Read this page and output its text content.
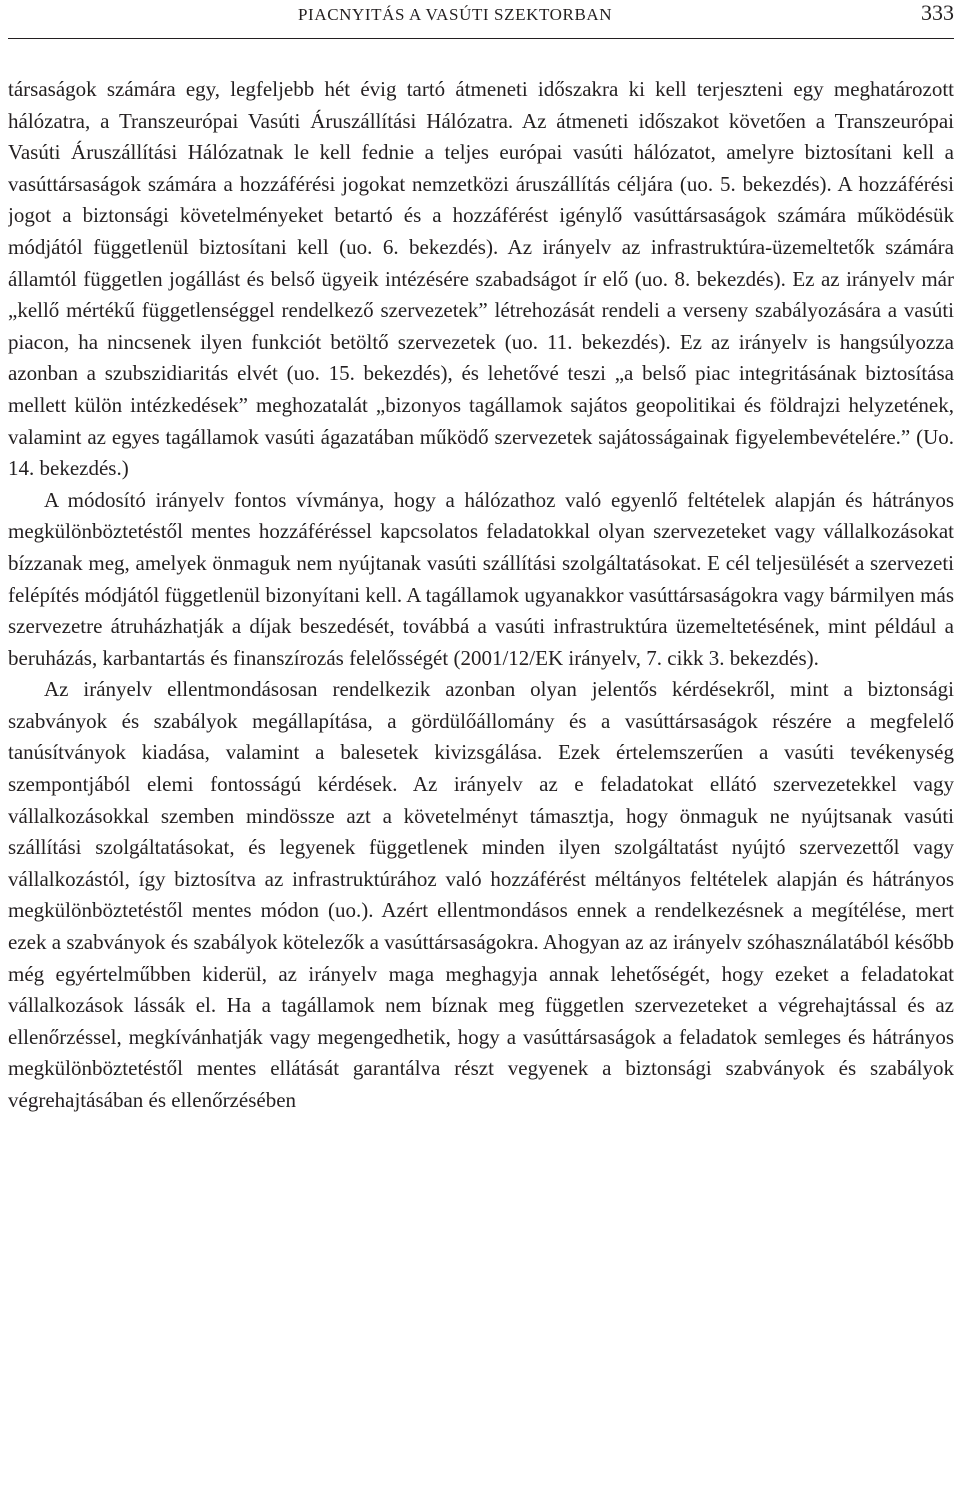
PIACNYITÁS A VASÚTI SZEKTORBAN	333

társaságok számára egy, legfeljebb hét évig tartó átmeneti időszakra ki kell terjeszteni egy meghatározott hálózatra, a Transzeurópai Vasúti Áruszállítási Hálózatra. Az átmeneti időszakot követően a Transzeurópai Vasúti Áruszállítási Hálózatnak le kell fednie a teljes európai vasúti hálózatot, amelyre biztosítani kell a vasúttársaságok számára a hozzáférési jogokat nemzetközi áruszállítás céljára (uo. 5. bekezdés). A hozzáférési jogot a biztonsági követelményeket betartó és a hozzáférést igénylő vasúttársaságok számára működésük módjától függetlenül biztosítani kell (uo. 6. bekezdés). Az irányelv az infrastruktúra-üzemeltetők számára államtól független jogállást és belső ügyeik intézésére szabadságot ír elő (uo. 8. bekezdés). Ez az irányelv már „kellő mértékű függetlenséggel rendelkező szervezetek” létrehozását rendeli a verseny szabályozására a vasúti piacon, ha nincsenek ilyen funkciót betöltő szervezetek (uo. 11. bekezdés). Ez az irányelv is hangsúlyozza azonban a szubszidiaritás elvét (uo. 15. bekezdés), és lehetővé teszi „a belső piac integritásának biztosítása mellett külön intézkedések” meghozatalát „bizonyos tagállamok sajátos geopolitikai és földrajzi helyzetének, valamint az egyes tagállamok vasúti ágazatában működő szervezetek sajátosságainak figyelembevételére.” (Uo. 14. bekezdés.)

A módosító irányelv fontos vívmánya, hogy a hálózathoz való egyenlő feltételek alapján és hátrányos megkülönböztetéstől mentes hozzáféréssel kapcsolatos feladatokkal olyan szervezeteket vagy vállalkozásokat bízzanak meg, amelyek önmaguk nem nyújtanak vasúti szállítási szolgáltatásokat. E cél teljesülését a szervezeti felépítés módjától függetlenül bizonyítani kell. A tagállamok ugyanakkor vasúttársaságokra vagy bármilyen más szervezetre átruházhatják a díjak beszedését, továbbá a vasúti infrastruktúra üzemeltetésének, mint például a beruházás, karbantartás és finanszírozás felelősségét (2001/12/EK irányelv, 7. cikk 3. bekezdés).

Az irányelv ellentmondásosan rendelkezik azonban olyan jelentős kérdésekről, mint a biztonsági szabványok és szabályok megállapítása, a gördülőállomány és a vasúttársaságok részére a megfelelő tanúsítványok kiadása, valamint a balesetek kivizsgálása. Ezek értelemszerűen a vasúti tevékenység szempontjából elemi fontosságú kérdések. Az irányelv az e feladatokat ellátó szervezetekkel vagy vállalkozásokkal szemben mindössze azt a követelményt támasztja, hogy önmaguk ne nyújtsanak vasúti szállítási szolgáltatásokat, és legyenek függetlenek minden ilyen szolgáltatást nyújtó szervezettől vagy vállalkozástól, így biztosítva az infrastruktúrához való hozzáférést méltányos feltételek alapján és hátrányos megkülönböztetéstől mentes módon (uo.). Azért ellentmondásos ennek a rendelkezésnek a megítélése, mert ezek a szabványok és szabályok kötelezők a vasúttársaságokra. Ahogyan az az irányelv szóhasználatából később még egyértelműbben kiderül, az irányelv maga meghagyja annak lehetőségét, hogy ezeket a feladatokat vállalkozások lássák el. Ha a tagállamok nem bíznak meg független szervezeteket a végrehajtással és az ellenőrzéssel, megkívánhatják vagy megengedhetik, hogy a vasúttársaságok a feladatok semleges és hátrányos megkülönböztetéstől mentes ellátását garantálva részt vegyenek a biztonsági szabványok és szabályok végrehajtásában és ellenőrzésében
